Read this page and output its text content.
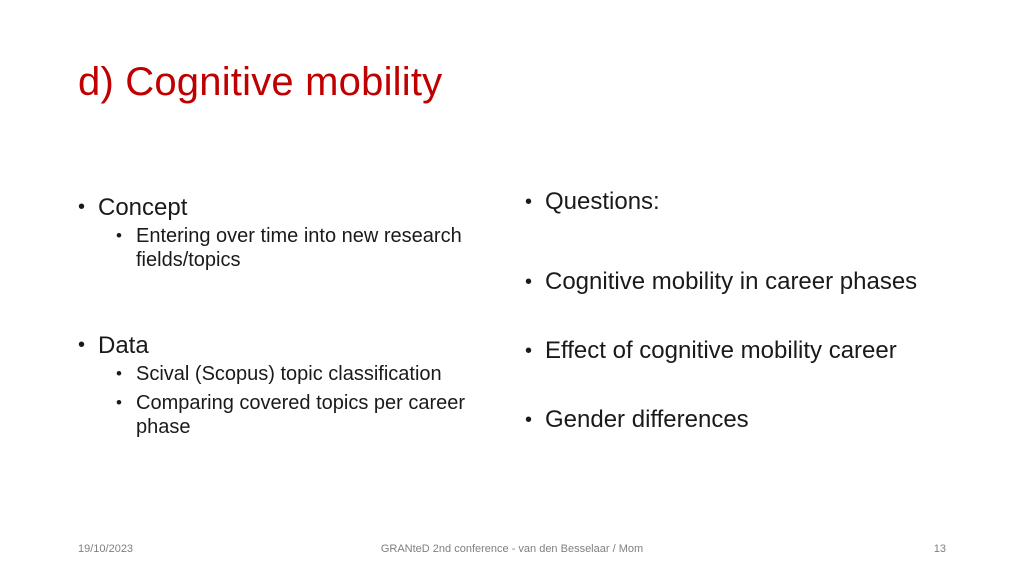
d) Cognitive mobility
• Concept
• Entering over time into new research fields/topics
• Data
• Scival (Scopus) topic classification
• Comparing covered topics per career phase
• Questions:
• Cognitive mobility in career phases
• Effect of cognitive mobility career
• Gender differences
19/10/2023	GRANteD 2nd conference - van den Besselaar / Mom	13
